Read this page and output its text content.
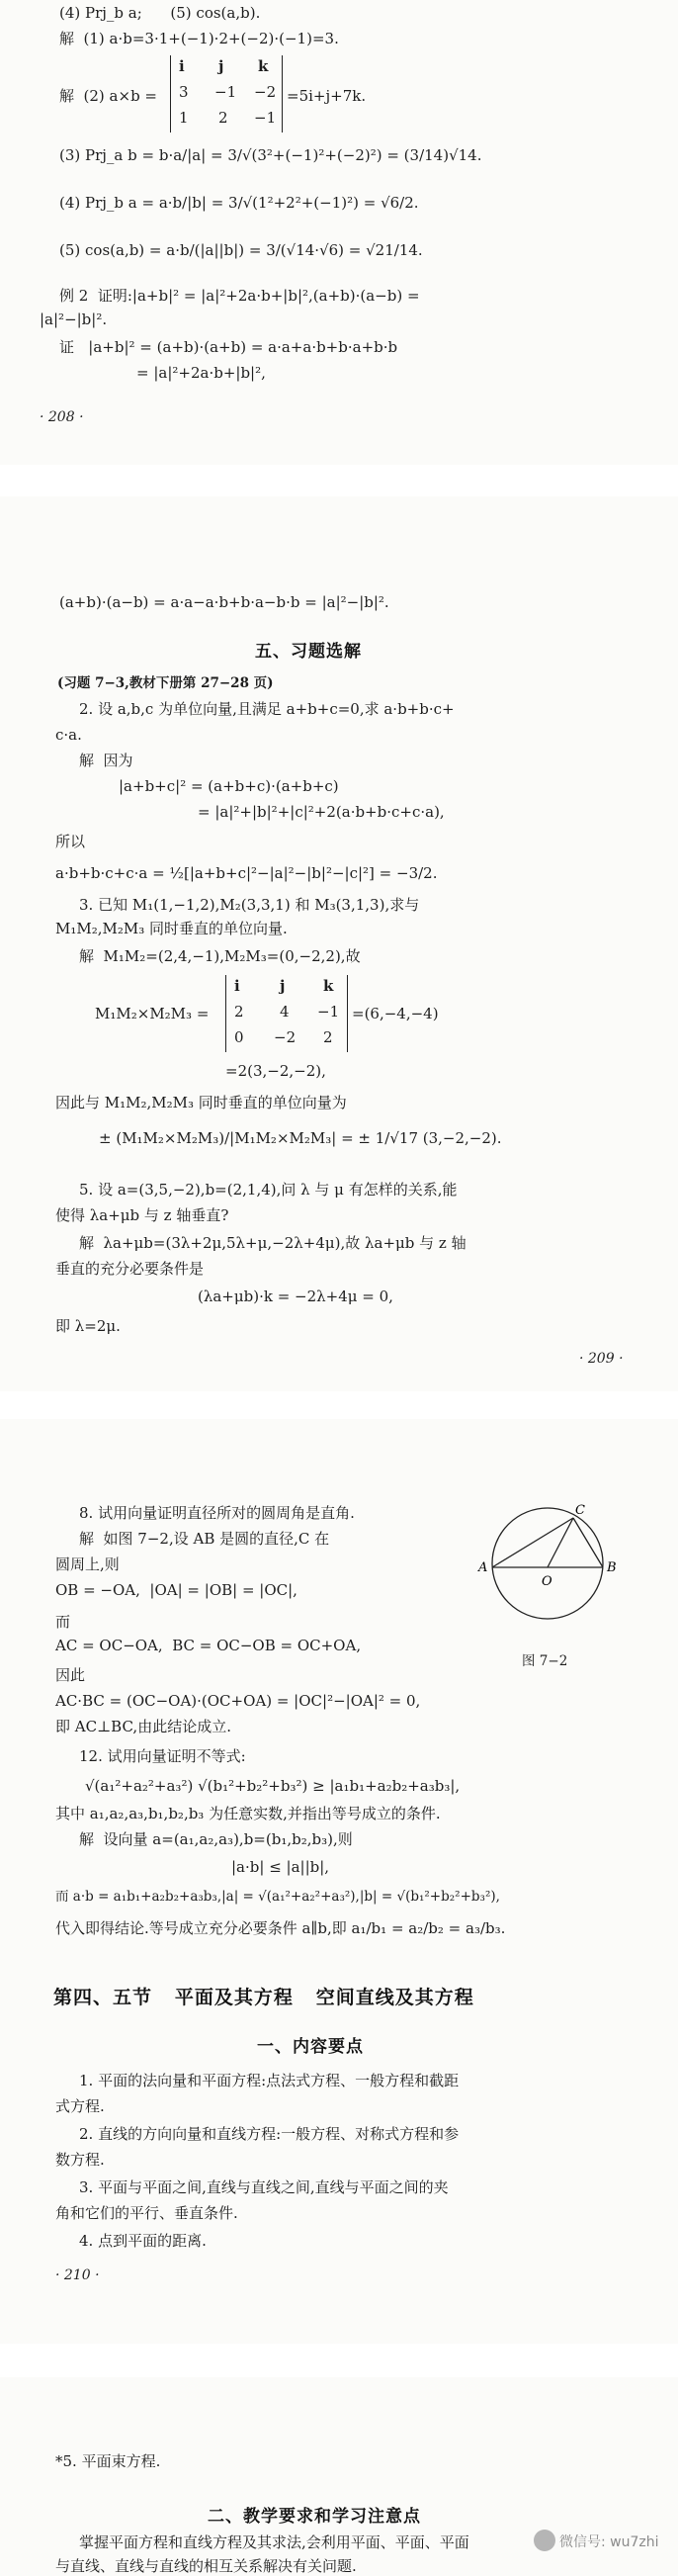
(4) Prj_b a;      (5) cos(a,b).
解  (1) a·b=3·1+(−1)·2+(−2)·(−1)=3.
解  (2) a×b =
i j k
3 −1 −2
1 2 −1
=5i+j+7k.
(3) Prj_a b = b·a/|a| = 3/√(3²+(−1)²+(−2)²) = (3/14)√14.
(4) Prj_b a = a·b/|b| = 3/√(1²+2²+(−1)²) = √6/2.
(5) cos(a,b) = a·b/(|a||b|) = 3/(√14·√6) = √21/14.
例 2  证明:|a+b|² = |a|²+2a·b+|b|²,(a+b)·(a−b) =
|a|²−|b|².
证   |a+b|² = (a+b)·(a+b) = a·a+a·b+b·a+b·b
= |a|²+2a·b+|b|²,
· 208 ·
(a+b)·(a−b) = a·a−a·b+b·a−b·b = |a|²−|b|².
五、习题选解
(习题 7−3,教材下册第 27−28 页)
2. 设 a,b,c 为单位向量,且满足 a+b+c=0,求 a·b+b·c+
c·a.
解  因为
|a+b+c|² = (a+b+c)·(a+b+c)
= |a|²+|b|²+|c|²+2(a·b+b·c+c·a),
所以
a·b+b·c+c·a = ½[|a+b+c|²−|a|²−|b|²−|c|²] = −3/2.
3. 已知 M₁(1,−1,2),M₂(3,3,1) 和 M₃(3,1,3),求与
M₁M₂,M₂M₃ 同时垂直的单位向量.
解  M₁M₂=(2,4,−1),M₂M₃=(0,−2,2),故
M₁M₂×M₂M₃ =
i	j	k
2 4 −1
0 −2 2
=(6,−4,−4)
=2(3,−2,−2),
因此与 M₁M₂,M₂M₃ 同时垂直的单位向量为
± (M₁M₂×M₂M₃)/|M₁M₂×M₂M₃| = ± 1/√17 (3,−2,−2).
5. 设 a=(3,5,−2),b=(2,1,4),问 λ 与 μ 有怎样的关系,能
使得 λa+μb 与 z 轴垂直?
解  λa+μb=(3λ+2μ,5λ+μ,−2λ+4μ),故 λa+μb 与 z 轴
垂直的充分必要条件是
(λa+μb)·k = −2λ+4μ = 0,
即 λ=2μ.
· 209 ·
8. 试用向量证明直径所对的圆周角是直角.
解  如图 7−2,设 AB 是圆的直径,C 在
圆周上,则
OB = −OA,  |OA| = |OB| = |OC|,
而
AC = OC−OA,  BC = OC−OB = OC+OA,
因此
AC·BC = (OC−OA)·(OC+OA) = |OC|²−|OA|² = 0,
即 AC⊥BC,由此结论成立.
A	B
C
O
图 7−2
12. 试用向量证明不等式:
√(a₁²+a₂²+a₃²) √(b₁²+b₂²+b₃²) ≥ |a₁b₁+a₂b₂+a₃b₃|,
其中 a₁,a₂,a₃,b₁,b₂,b₃ 为任意实数,并指出等号成立的条件.
解  设向量 a=(a₁,a₂,a₃),b=(b₁,b₂,b₃),则
|a·b| ≤ |a||b|,
而 a·b = a₁b₁+a₂b₂+a₃b₃,|a| = √(a₁²+a₂²+a₃²),|b| = √(b₁²+b₂²+b₃²),
代入即得结论.等号成立充分必要条件 a∥b,即 a₁/b₁ = a₂/b₂ = a₃/b₃.
第四、五节   平面及其方程   空间直线及其方程
一、内容要点
1. 平面的法向量和平面方程:点法式方程、一般方程和截距
式方程.
2. 直线的方向向量和直线方程:一般方程、对称式方程和参
数方程.
3. 平面与平面之间,直线与直线之间,直线与平面之间的夹
角和它们的平行、垂直条件.
4. 点到平面的距离.
· 210 ·
*5. 平面束方程.
二、教学要求和学习注意点
掌握平面方程和直线方程及其求法,会利用平面、平面、平面
与直线、直线与直线的相互关系解决有关问题.
微信号: wu7zhi
